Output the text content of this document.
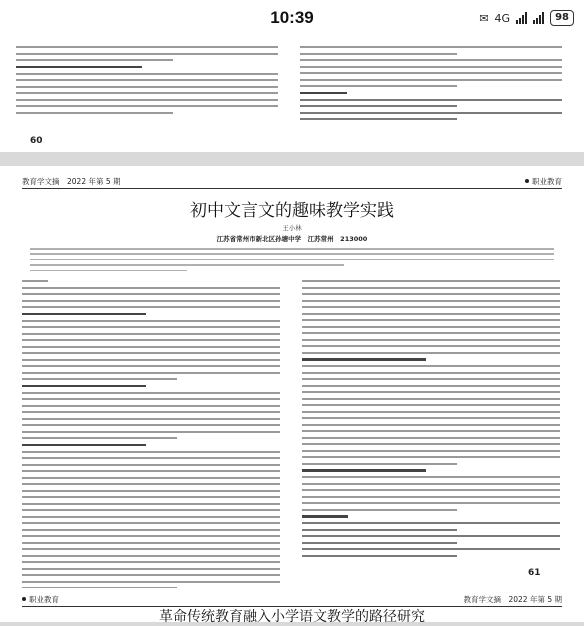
10:39	✉ 4G	98
60
教育学文摘　 2022 年第 5 期	职业教育
初中文言文的趣味教学实践
王小林
江苏省常州市新北区孙塘中学　江苏常州　213000
61
职业教育	教育学文摘　2022 年第 5 期
革命传统教育融入小学语文教学的路径研究
